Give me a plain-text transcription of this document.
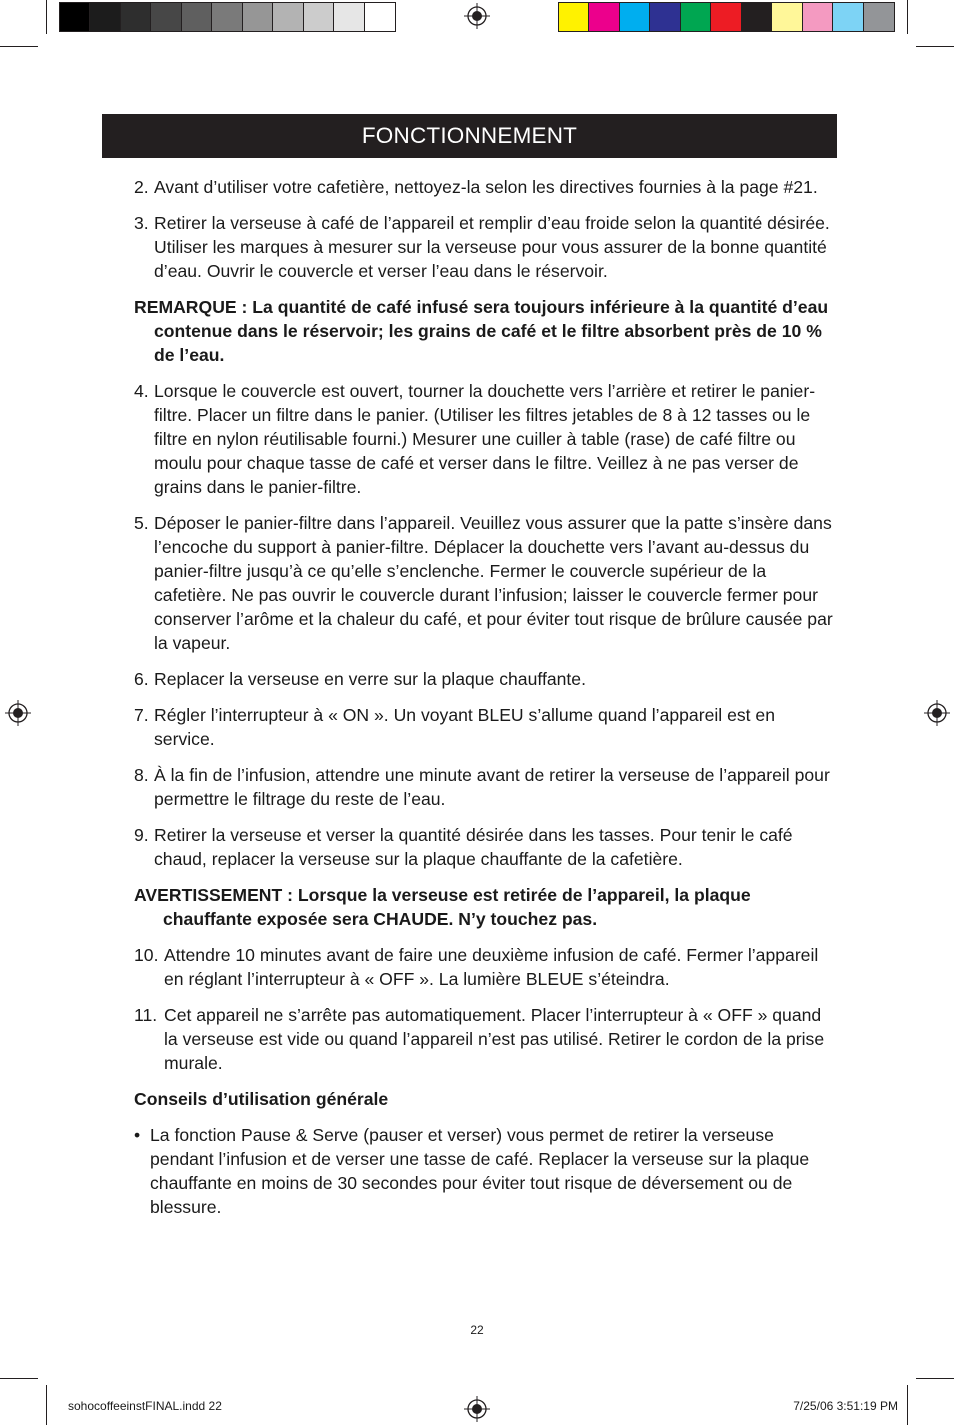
FONCTIONNEMENT
2. Avant d’utiliser votre cafetière, nettoyez-la selon les directives fournies à la page #21.
3. Retirer la verseuse à café de l’appareil et remplir d’eau froide selon la quantité désirée. Utiliser les marques à mesurer sur la verseuse pour vous assurer de la bonne quantité d’eau. Ouvrir le couvercle et verser l’eau dans le réservoir.
REMARQUE : La quantité de café infusé sera toujours inférieure à la quantité d’eau contenue dans le réservoir; les grains de café et le filtre absorbent près de 10 % de l’eau.
4. Lorsque le couvercle est ouvert, tourner la douchette vers l’arrière et retirer le panier-filtre. Placer un filtre dans le panier. (Utiliser les filtres jetables de 8 à 12 tasses ou le filtre en nylon réutilisable fourni.) Mesurer une cuiller à table (rase) de café filtre ou moulu pour chaque tasse de café et verser dans le filtre. Veillez à ne pas verser de grains dans le panier-filtre.
5. Déposer le panier-filtre dans l’appareil. Veuillez vous assurer que la patte s’insère dans l’encoche du support à panier-filtre. Déplacer la douchette vers l’avant au-dessus du panier-filtre jusqu’à ce qu’elle s’enclenche. Fermer le couvercle supérieur de la cafetière. Ne pas ouvrir le couvercle durant l’infusion; laisser le couvercle fermer pour conserver l’arôme et la chaleur du café, et pour éviter tout risque de brûlure causée par la vapeur.
6. Replacer la verseuse en verre sur la plaque chauffante.
7. Régler l’interrupteur à « ON ». Un voyant BLEU s’allume quand l’appareil est en service.
8. À la fin de l’infusion, attendre une minute avant de retirer la verseuse de l’appareil pour permettre le filtrage du reste de l’eau.
9. Retirer la verseuse et verser la quantité désirée dans les tasses. Pour tenir le café chaud, replacer la verseuse sur la plaque chauffante de la cafetière.
AVERTISSEMENT : Lorsque la verseuse est retirée de l’appareil, la plaque chauffante exposée sera CHAUDE. N’y touchez pas.
10. Attendre 10 minutes avant de faire une deuxième infusion de café. Fermer l’appareil en réglant l’interrupteur à « OFF ». La lumière BLEUE s’éteindra.
11. Cet appareil ne s’arrête pas automatiquement. Placer l’interrupteur à « OFF » quand la verseuse est vide ou quand l’appareil n’est pas utilisé. Retirer le cordon de la prise murale.
Conseils d’utilisation générale
• La fonction Pause & Serve (pauser et verser) vous permet de retirer la verseuse pendant l’infusion et de verser une tasse de café. Replacer la verseuse sur la plaque chauffante en moins de 30 secondes pour éviter tout risque de déversement ou de blessure.
22
sohocoffeeinstFINAL.indd 22	7/25/06 3:51:19 PM
